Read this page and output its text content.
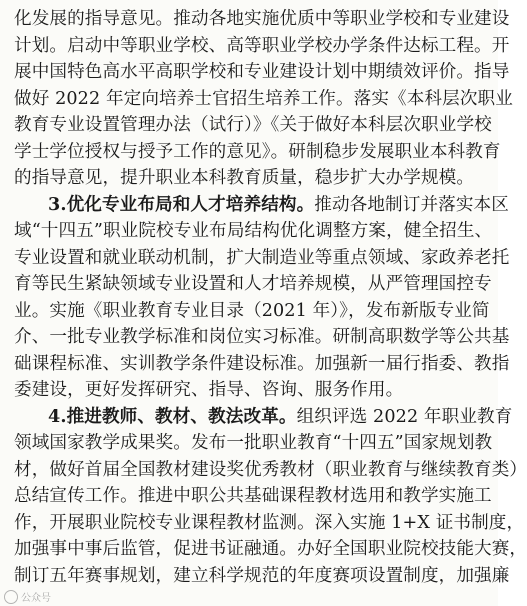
化发展的指导意见。推动各地实施优质中等职业学校和专业建设
计划。启动中等职业学校、高等职业学校办学条件达标工程。开
展中国特色高水平高职学校和专业建设计划中期绩效评价。指导
做好 2022 年定向培养士官招生培养工作。落实《本科层次职业
教育专业设置管理办法（试行）》《关于做好本科层次职业学校
学士学位授权与授予工作的意见》。研制稳步发展职业本科教育
的指导意见，提升职业本科教育质量，稳步扩大办学规模。
3.优化专业布局和人才培养结构。推动各地制订并落实本区
域“十四五”职业院校专业布局结构优化调整方案，健全招生、
专业设置和就业联动机制，扩大制造业等重点领域、家政养老托
育等民生紧缺领域专业设置和人才培养规模，从严管理国控专
业。实施《职业教育专业目录（2021 年）》，发布新版专业简
介、一批专业教学标准和岗位实习标准。研制高职数学等公共基
础课程标准、实训教学条件建设标准。加强新一届行指委、教指
委建设，更好发挥研究、指导、咨询、服务作用。
4.推进教师、教材、教法改革。组织评选 2022 年职业教育
领域国家教学成果奖。发布一批职业教育“十四五”国家规划教
材，做好首届全国教材建设奖优秀教材（职业教育与继续教育类）
总结宣传工作。推进中职公共基础课程教材选用和教学实施工
作，开展职业院校专业课程教材监测。深入实施 1+X 证书制度，
加强事中事后监管，促进书证融通。办好全国职业院校技能大赛，
制订五年赛事规划，建立科学规范的年度赛项设置制度，加强廉
公众号
